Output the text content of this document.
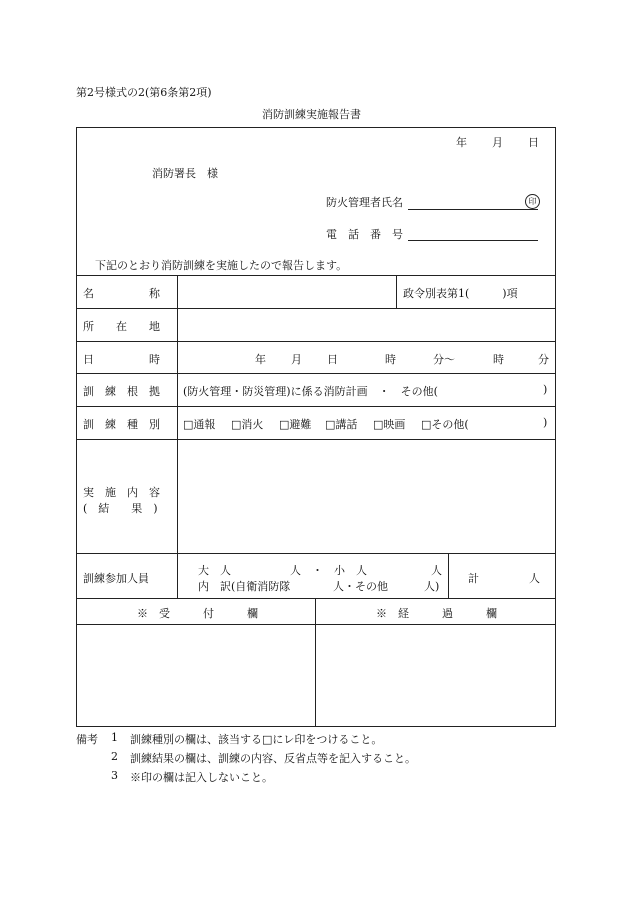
第2号様式の2(第6条第2項)
消防訓練実施報告書
年 月 日
消防署長　様
防火管理者氏名	印
電　話　番　号
下記のとおり消防訓練を実施したので報告します。
名　　　　　称	政令別表第1(　　　)項
所　　在　　地
日　　　　　時	年 月 日	時	分〜	時	分
訓　練　根　拠 (防火管理・防災管理)に係る消防計画　・　その他(	)
訓　練　種　別 □通報 □消火 □避難 □講話 □映画 □その他(	)
実　施　内　容
(　結　　果　)
訓練参加人員
大　人	人　・　小　人	人
内　訳(自衛消防隊	人・その他	人)
計	人
※　受　　　付　　　欄	※　経　　　過　　　欄
備考 1 訓練種別の欄は、該当する□にレ印をつけること。
2 訓練結果の欄は、訓練の内容、反省点等を記入すること。
3 ※印の欄は記入しないこと。
